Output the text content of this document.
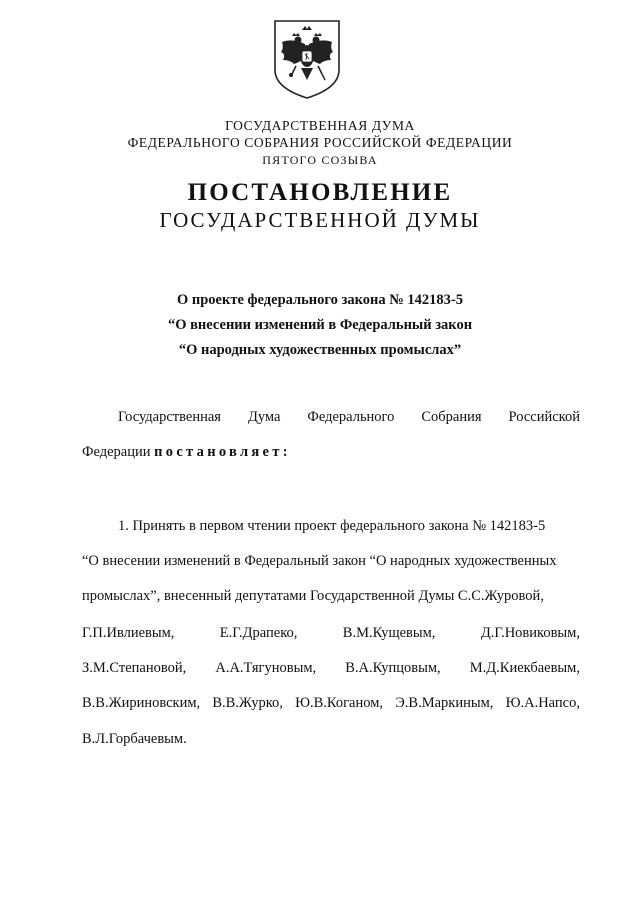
ГОСУДАРСТВЕННАЯ ДУМА
ФЕДЕРАЛЬНОГО СОБРАНИЯ РОССИЙСКОЙ ФЕДЕРАЦИИ
ПЯТОГО СОЗЫВА
ПОСТАНОВЛЕНИЕ
ГОСУДАРСТВЕННОЙ ДУМЫ
О проекте федерального закона № 142183-5
“О внесении изменений в Федеральный закон
“О народных художественных промыслах”
Государственная Дума Федерального Собрания Российской
Федерации постановляет:
1. Принять в первом чтении проект федерального закона № 142183-5
“О внесении изменений в Федеральный закон “О народных художественных
промыслах”, внесенный депутатами Государственной Думы С.С.Журовой,
Г.П.Ивлиевым,	Е.Г.Драпеко,	В.М.Кущевым,	Д.Г.Новиковым,
З.М.Степановой, А.А.Тягуновым, В.А.Купцовым, М.Д.Киекбаевым,
В.В.Жириновским, В.В.Журко, Ю.В.Коганом, Э.В.Маркиным, Ю.А.Напсо,
В.Л.Горбачевым.
